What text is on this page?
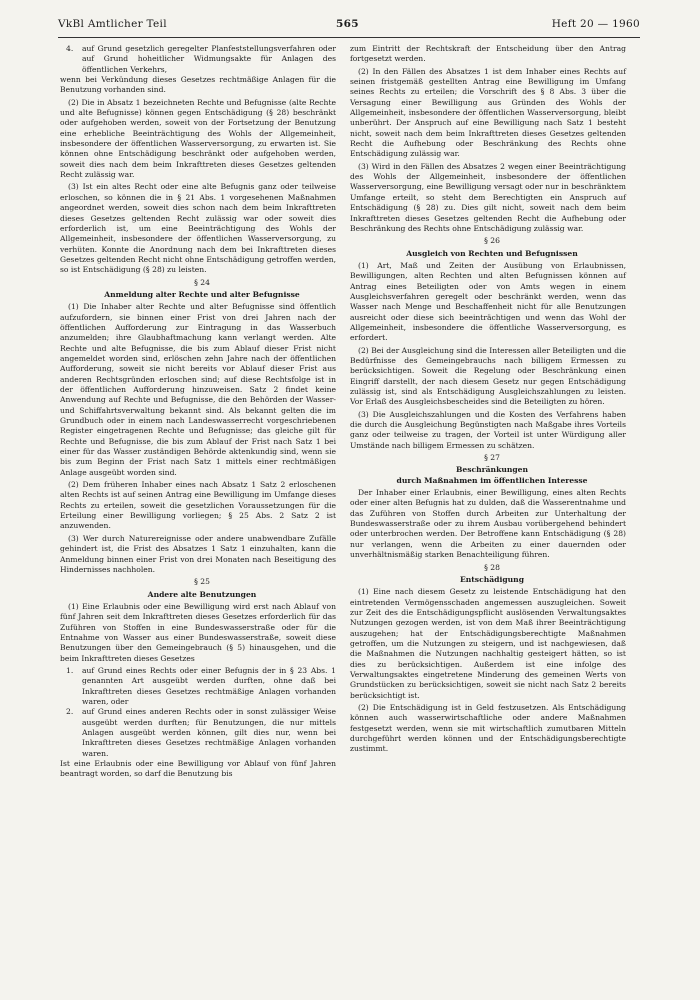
VkBl Amtlicher Teil	565	Heft 20 — 1960

4. auf Grund gesetzlich geregelter Planfeststellungsverfahren oder auf Grund hoheitlicher Widmungsakte für Anlagen des öffentlichen Verkehrs,

wenn bei Verkündung dieses Gesetzes rechtmäßige Anlagen für die Benutzung vorhanden sind.

(2) Die in Absatz 1 bezeichneten Rechte und Befugnisse (alte Rechte und alte Befugnisse) können gegen Entschädigung (§ 28) beschränkt oder aufgehoben werden, soweit von der Fortsetzung der Benutzung eine erhebliche Beeinträchtigung des Wohls der Allgemeinheit, insbesondere der öffentlichen Wasserversorgung, zu erwarten ist. Sie können ohne Entschädigung beschränkt oder aufgehoben werden, soweit dies nach dem beim Inkrafttreten dieses Gesetzes geltenden Recht zulässig war.

(3) Ist ein altes Recht oder eine alte Befugnis ganz oder teilweise erloschen, so können die in § 21 Abs. 1 vorgesehenen Maßnahmen angeordnet werden, soweit dies schon nach dem beim Inkrafttreten dieses Gesetzes geltenden Recht zulässig war oder soweit dies erforderlich ist, um eine Beeinträchtigung des Wohls der Allgemeinheit, insbesondere der öffentlichen Wasserversorgung, zu verhüten. Konnte die Anordnung nach dem bei Inkrafttreten dieses Gesetzes geltenden Recht nicht ohne Entschädigung getroffen werden, so ist Entschädigung (§ 28) zu leisten.

§ 24

Anmeldung alter Rechte und alter Befugnisse

(1) Die Inhaber alter Rechte und alter Befugnisse sind öffentlich aufzufordern, sie binnen einer Frist von drei Jahren nach der öffentlichen Aufforderung zur Eintragung in das Wasserbuch anzumelden; ihre Glaubhaftmachung kann verlangt werden. Alte Rechte und alte Befugnisse, die bis zum Ablauf dieser Frist nicht angemeldet worden sind, erlöschen zehn Jahre nach der öffentlichen Aufforderung, soweit sie nicht bereits vor Ablauf dieser Frist aus anderen Rechtsgründen erloschen sind; auf diese Rechtsfolge ist in der öffentlichen Aufforderung hinzuweisen. Satz 2 findet keine Anwendung auf Rechte und Befugnisse, die den Behörden der Wasser- und Schiffahrtsverwaltung bekannt sind. Als bekannt gelten die im Grundbuch oder in einem nach Landeswasserrecht vorgeschriebenen Register eingetragenen Rechte und Befugnisse; das gleiche gilt für Rechte und Befugnisse, die bis zum Ablauf der Frist nach Satz 1 bei einer für das Wasser zuständigen Behörde aktenkundig sind, wenn sie bis zum Beginn der Frist nach Satz 1 mittels einer rechtmäßigen Anlage ausgeübt worden sind.

(2) Dem früheren Inhaber eines nach Absatz 1 Satz 2 erloschenen alten Rechts ist auf seinen Antrag eine Bewilligung im Umfange dieses Rechts zu erteilen, soweit die gesetzlichen Voraussetzungen für die Erteilung einer Bewilligung vorliegen; § 25 Abs. 2 Satz 2 ist anzuwenden.

(3) Wer durch Naturereignisse oder andere unabwendbare Zufälle gehindert ist, die Frist des Absatzes 1 Satz 1 einzuhalten, kann die Anmeldung binnen einer Frist von drei Monaten nach Beseitigung des Hindernisses nachholen.

§ 25

Andere alte Benutzungen

(1) Eine Erlaubnis oder eine Bewilligung wird erst nach Ablauf von fünf Jahren seit dem Inkrafttreten dieses Gesetzes erforderlich für das Zuführen von Stoffen in eine Bundeswasserstraße oder für die Entnahme von Wasser aus einer Bundeswasserstraße, soweit diese Benutzungen über den Gemeingebrauch (§ 5) hinausgehen, und die beim Inkrafttreten dieses Gesetzes

1. auf Grund eines Rechts oder einer Befugnis der in § 23 Abs. 1 genannten Art ausgeübt werden durften, ohne daß bei Inkrafttreten dieses Gesetzes rechtmäßige Anlagen vorhanden waren, oder

2. auf Grund eines anderen Rechts oder in sonst zulässiger Weise ausgeübt werden durften; für Benutzungen, die nur mittels Anlagen ausgeübt werden können, gilt dies nur, wenn bei Inkrafttreten dieses Gesetzes rechtmäßige Anlagen vorhanden waren.

Ist eine Erlaubnis oder eine Bewilligung vor Ablauf von fünf Jahren beantragt worden, so darf die Benutzung bis

zum Eintritt der Rechtskraft der Entscheidung über den Antrag fortgesetzt werden.

(2) In den Fällen des Absatzes 1 ist dem Inhaber eines Rechts auf seinen fristgemäß gestellten Antrag eine Bewilligung im Umfang seines Rechts zu erteilen; die Vorschrift des § 8 Abs. 3 über die Versagung einer Bewilligung aus Gründen des Wohls der Allgemeinheit, insbesondere der öffentlichen Wasserversorgung, bleibt unberührt. Der Anspruch auf eine Bewilligung nach Satz 1 besteht nicht, soweit nach dem beim Inkrafttreten dieses Gesetzes geltenden Recht die Aufhebung oder Beschränkung des Rechts ohne Entschädigung zulässig war.

(3) Wird in den Fällen des Absatzes 2 wegen einer Beeinträchtigung des Wohls der Allgemeinheit, insbesondere der öffentlichen Wasserversorgung, eine Bewilligung versagt oder nur in beschränktem Umfange erteilt, so steht dem Berechtigten ein Anspruch auf Entschädigung (§ 28) zu. Dies gilt nicht, soweit nach dem beim Inkrafttreten dieses Gesetzes geltenden Recht die Aufhebung oder Beschränkung des Rechts ohne Entschädigung zulässig war.

§ 26

Ausgleich von Rechten und Befugnissen

(1) Art, Maß und Zeiten der Ausübung von Erlaubnissen, Bewilligungen, alten Rechten und alten Befugnissen können auf Antrag eines Beteiligten oder von Amts wegen in einem Ausgleichsverfahren geregelt oder beschränkt werden, wenn das Wasser nach Menge und Beschaffenheit nicht für alle Benutzungen ausreicht oder diese sich beeinträchtigen und wenn das Wohl der Allgemeinheit, insbesondere die öffentliche Wasserversorgung, es erfordert.

(2) Bei der Ausgleichung sind die Interessen aller Beteiligten und die Bedürfnisse des Gemeingebrauchs nach billigem Ermessen zu berücksichtigen. Soweit die Regelung oder Beschränkung einen Eingriff darstellt, der nach diesem Gesetz nur gegen Entschädigung zulässig ist, sind als Entschädigung Ausgleichszahlungen zu leisten. Vor Erlaß des Ausgleichsbescheides sind die Beteiligten zu hören.

(3) Die Ausgleichszahlungen und die Kosten des Verfahrens haben die durch die Ausgleichung Begünstigten nach Maßgabe ihres Vorteils ganz oder teilweise zu tragen, der Vorteil ist unter Würdigung aller Umstände nach billigem Ermessen zu schätzen.

§ 27

Beschränkungen

durch Maßnahmen im öffentlichen Interesse

Der Inhaber einer Erlaubnis, einer Bewilligung, eines alten Rechts oder einer alten Befugnis hat zu dulden, daß die Wasserentnahme und das Zuführen von Stoffen durch Arbeiten zur Unterhaltung der Bundeswasserstraße oder zu ihrem Ausbau vorübergehend behindert oder unterbrochen werden. Der Betroffene kann Entschädigung (§ 28) nur verlangen, wenn die Arbeiten zu einer dauernden oder unverhältnismäßig starken Benachteiligung führen.

§ 28

Entschädigung

(1) Eine nach diesem Gesetz zu leistende Entschädigung hat den eintretenden Vermögensschaden angemessen auszugleichen. Soweit zur Zeit des die Entschädigungspflicht auslösenden Verwaltungsaktes Nutzungen gezogen werden, ist von dem Maß ihrer Beeinträchtigung auszugehen; hat der Entschädigungsberechtigte Maßnahmen getroffen, um die Nutzungen zu steigern, und ist nachgewiesen, daß die Maßnahmen die Nutzungen nachhaltig gesteigert hätten, so ist dies zu berücksichtigen. Außerdem ist eine infolge des Verwaltungsaktes eingetretene Minderung des gemeinen Werts von Grundstücken zu berücksichtigen, soweit sie nicht nach Satz 2 bereits berücksichtigt ist.

(2) Die Entschädigung ist in Geld festzusetzen. Als Entschädigung können auch wasserwirtschaftliche oder andere Maßnahmen festgesetzt werden, wenn sie mit wirtschaftlich zumutbaren Mitteln durchgeführt werden können und der Entschädigungsberechtigte zustimmt.
